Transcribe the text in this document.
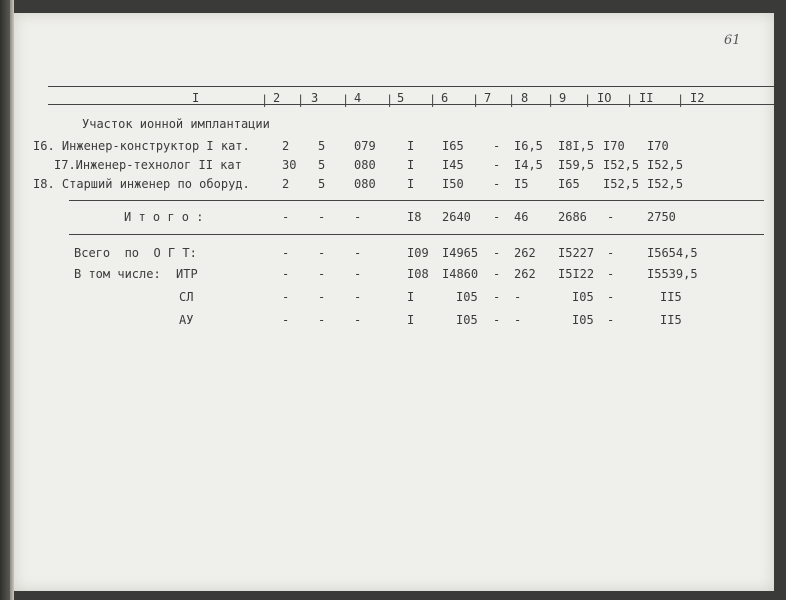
61
| |	|	|	|	| |	| |	|	|
I	2	3	4	5	6	7 8	9	IO II	I2
Участок ионной имплантации
I6. Инженер-конструктор I кат.	2 5 079	I I65 - I6,5 I8I,5 I70 I70
I7.Инженер-технолог II кат	30 5 080	I I45 - I4,5 I59,5 I52,5 I52,5
I8. Старший инженер по оборуд.	2 5 080	I I50 - I5 I65 I52,5 I52,5
И т о г о :	- - -	I8 2640 - 46 2686 -	2750
Всего  по  О Г Т:	- - -	I09 I4965 - 262 I5227 -	I5654,5
В том числе: ИТР	- - -	I08 I4860 - 262 I5I22 -	I5539,5
СЛ	- - -	I	I05 - -	I05 -	II5
АУ	- - -	I	I05 - -	I05 -	II5
